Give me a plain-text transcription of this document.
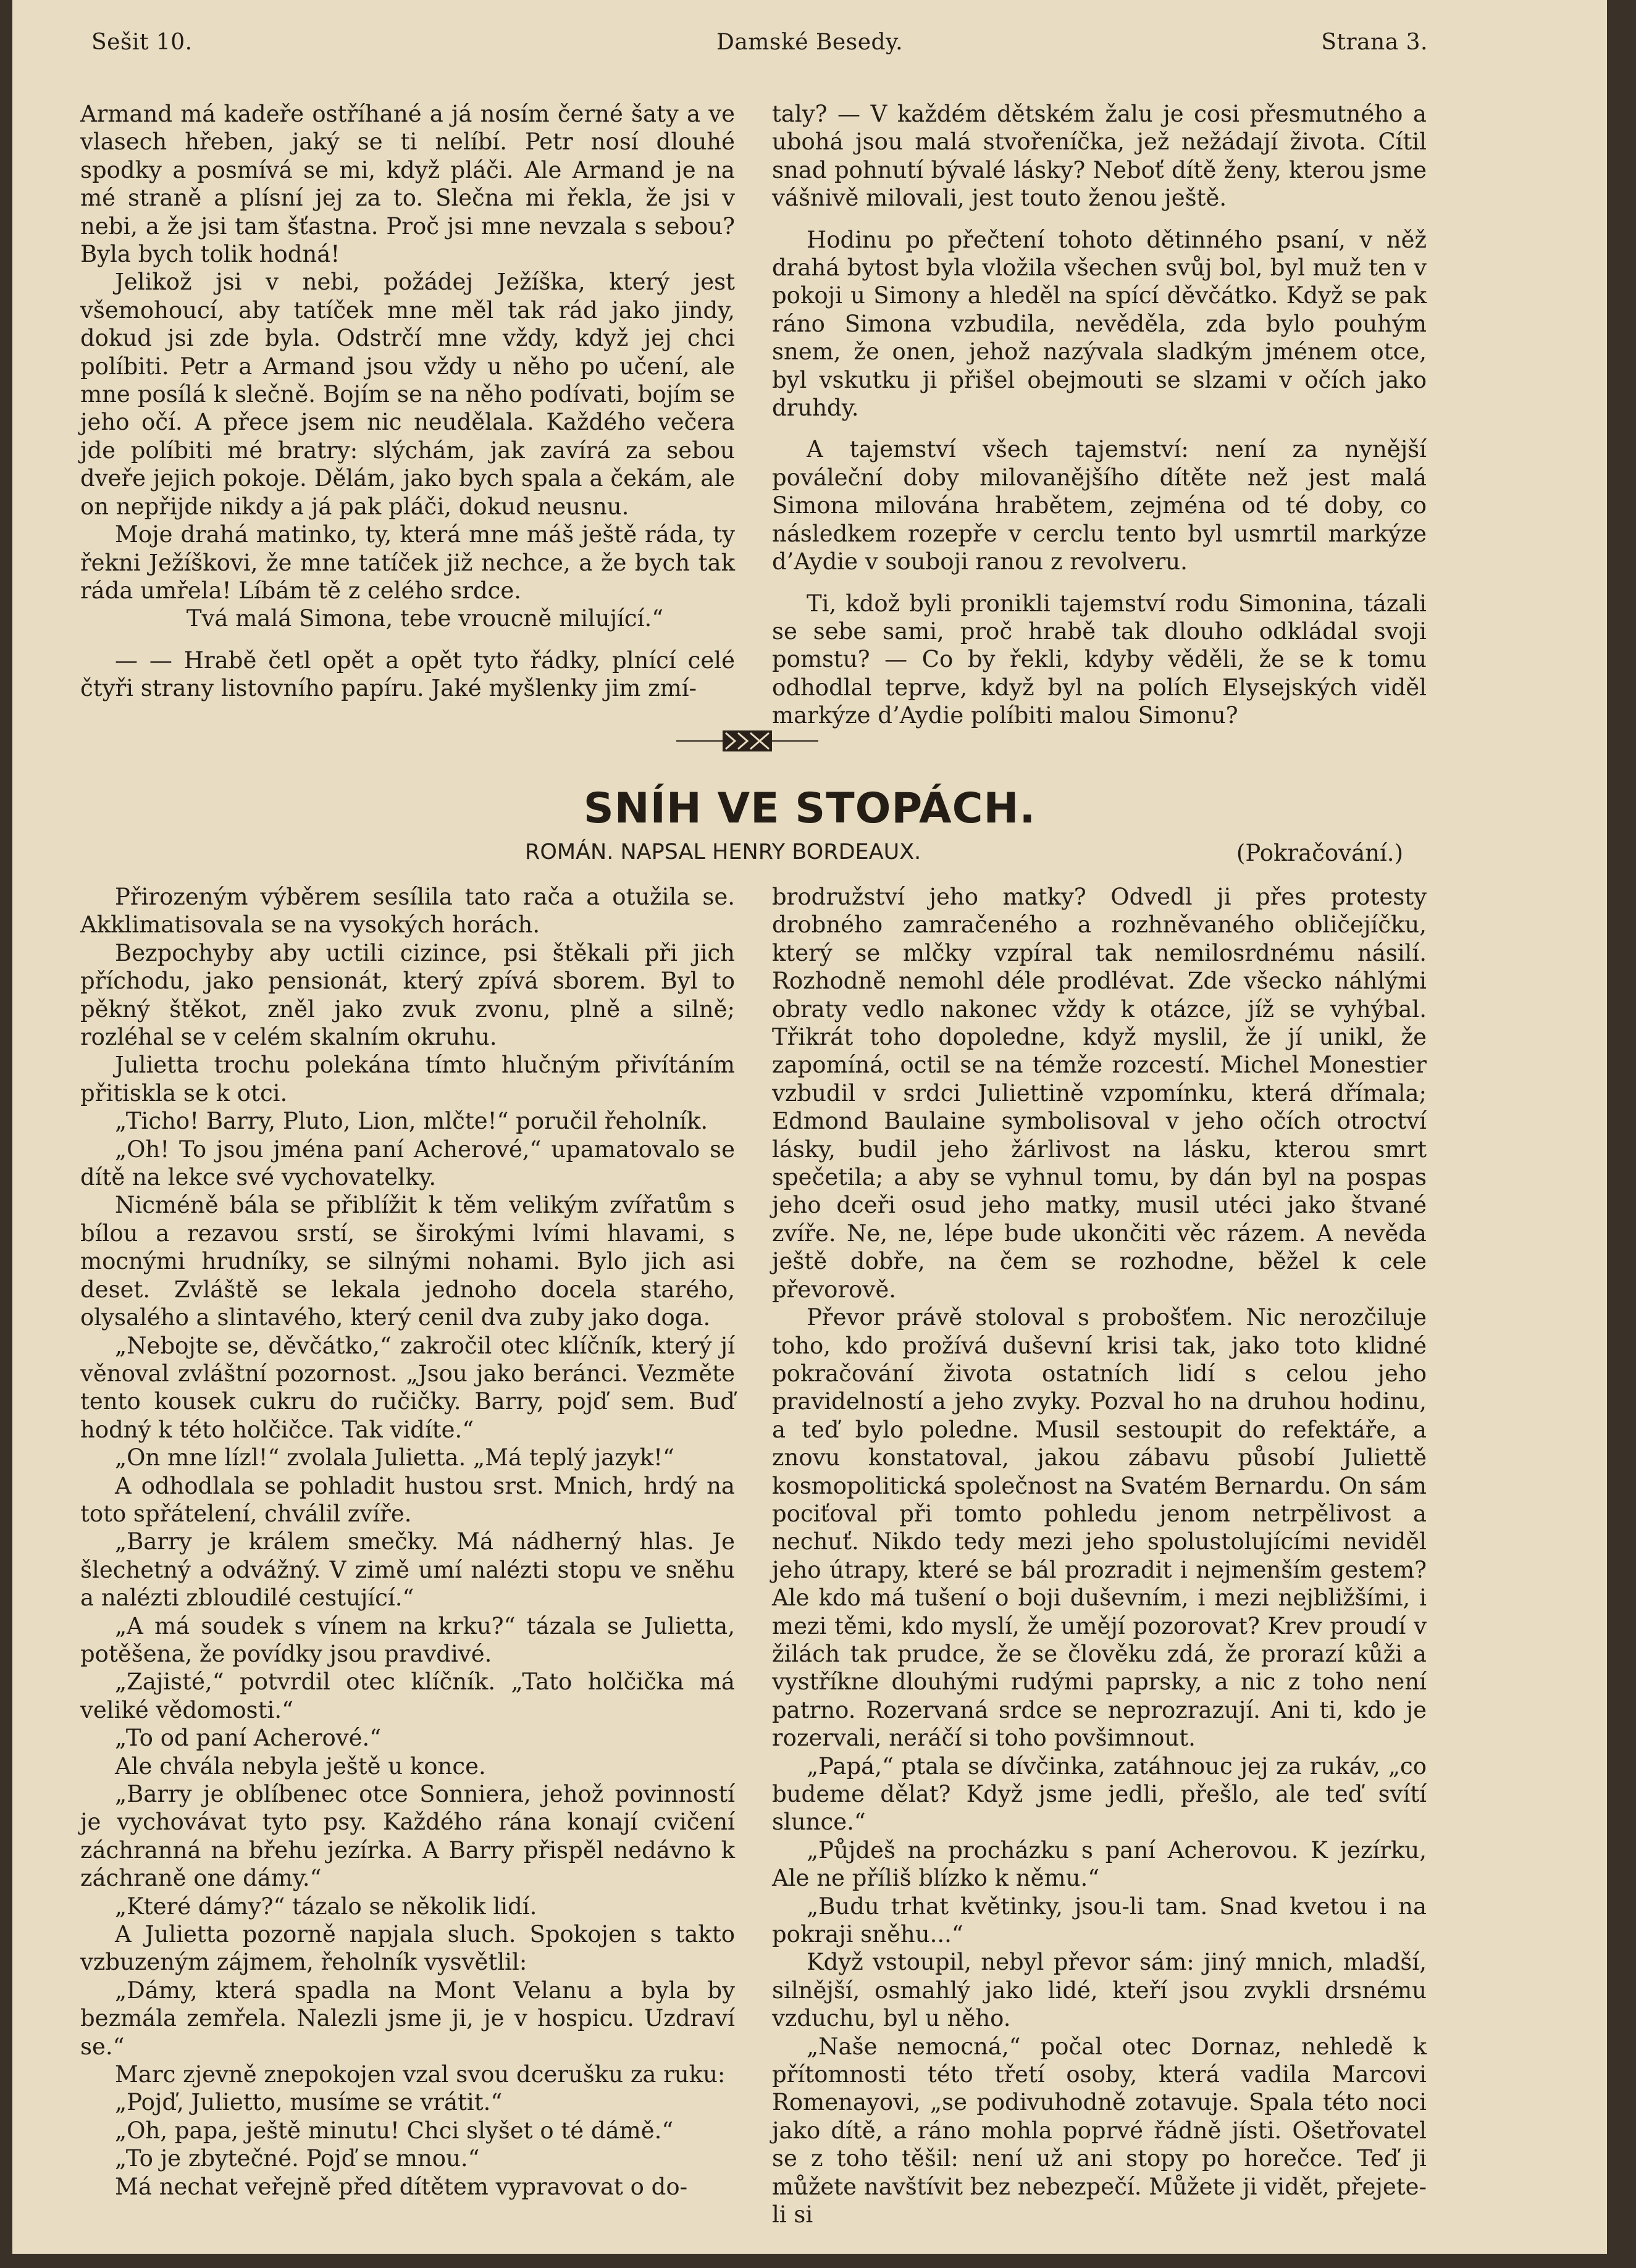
Sešit 10.	Damské Besedy.	Strana 3.

Armand má kadeře ostříhané a já nosím černé šaty a ve vlasech hřeben, jaký se ti nelíbí. Petr nosí dlouhé spodky a posmívá se mi, když pláči. Ale Armand je na mé straně a plísní jej za to. Slečna mi řekla, že jsi v nebi, a že jsi tam šťastna. Proč jsi mne nevzala s sebou? Byla bych tolik hodná!

Jelikož jsi v nebi, požádej Ježíška, který jest všemohoucí, aby tatíček mne měl tak rád jako jindy, dokud jsi zde byla. Odstrčí mne vždy, když jej chci políbiti. Petr a Armand jsou vždy u něho po učení, ale mne posílá k slečně. Bojím se na něho podívati, bojím se jeho očí. A přece jsem nic neudělala. Každého večera jde políbiti mé bratry: slýchám, jak zavírá za sebou dveře jejich pokoje. Dělám, jako bych spala a čekám, ale on nepřijde nikdy a já pak pláči, dokud neusnu.

Moje drahá matinko, ty, která mne máš ještě ráda, ty řekni Ježíškovi, že mne tatíček již nechce, a že bych tak ráda umřela! Líbám tě z celého srdce.

Tvá malá Simona, tebe vroucně milující.“

— — Hrabě četl opět a opět tyto řádky, plnící celé čtyři strany listovního papíru. Jaké myšlenky jim zmí-

taly? — V každém dětském žalu je cosi přesmutného a ubohá jsou malá stvořeníčka, jež nežádají života. Cítil snad pohnutí bývalé lásky? Neboť dítě ženy, kterou jsme vášnivě milovali, jest touto ženou ještě.

Hodinu po přečtení tohoto dětinného psaní, v něž drahá bytost byla vložila všechen svůj bol, byl muž ten v pokoji u Simony a hleděl na spící děvčátko. Když se pak ráno Simona vzbudila, nevěděla, zda bylo pouhým snem, že onen, jehož nazývala sladkým jménem otce, byl vskutku ji přišel obejmouti se slzami v očích jako druhdy.

A tajemství všech tajemství: není za nynější pováleční doby milovanějšího dítěte než jest malá Simona milována hrabětem, zejména od té doby, co následkem rozepře v cerclu tento byl usmrtil markýze d’Aydie v souboji ranou z revolveru.

Ti, kdož byli pronikli tajemství rodu Simonina, tázali se sebe sami, proč hrabě tak dlouho odkládal svoji pomstu? — Co by řekli, kdyby věděli, že se k tomu odhodlal teprve, když byl na polích Elysejských viděl markýze d’Aydie políbiti malou Simonu?

SNÍH VE STOPÁCH.
ROMÁN. NAPSAL HENRY BORDEAUX.	(Pokračování.)

Přirozeným výběrem sesílila tato rača a otužila se. Akklimatisovala se na vysokých horách.

Bezpochyby aby uctili cizince, psi štěkali při jich příchodu, jako pensionát, který zpívá sborem. Byl to pěkný štěkot, zněl jako zvuk zvonu, plně a silně; rozléhal se v celém skalním okruhu.

Julietta trochu polekána tímto hlučným přivítáním přitiskla se k otci.

„Ticho! Barry, Pluto, Lion, mlčte!“ poručil řeholník.

„Oh! To jsou jména paní Acherové,“ upamatovalo se dítě na lekce své vychovatelky.

Nicméně bála se přiblížit k těm velikým zvířatům s bílou a rezavou srstí, se širokými lvími hlavami, s mocnými hrudníky, se silnými nohami. Bylo jich asi deset. Zvláště se lekala jednoho docela starého, olysalého a slintavého, který cenil dva zuby jako doga.

„Nebojte se, děvčátko,“ zakročil otec klíčník, který jí věnoval zvláštní pozornost. „Jsou jako beránci. Vezměte tento kousek cukru do ručičky. Barry, pojď sem. Buď hodný k této holčičce. Tak vidíte.“

„On mne lízl!“ zvolala Julietta. „Má teplý jazyk!“

A odhodlala se pohladit hustou srst. Mnich, hrdý na toto spřátelení, chválil zvíře.

„Barry je králem smečky. Má nádherný hlas. Je šlechetný a odvážný. V zimě umí nalézti stopu ve sněhu a nalézti zbloudilé cestující.“

„A má soudek s vínem na krku?“ tázala se Julietta, potěšena, že povídky jsou pravdivé.

„Zajisté,“ potvrdil otec klíčník. „Tato holčička má veliké vědomosti.“

„To od paní Acherové.“

Ale chvála nebyla ještě u konce.

„Barry je oblíbenec otce Sonniera, jehož povinností je vychovávat tyto psy. Každého rána konají cvičení záchranná na břehu jezírka. A Barry přispěl nedávno k záchraně one dámy.“

„Které dámy?“ tázalo se několik lidí.

A Julietta pozorně napjala sluch. Spokojen s takto vzbuzeným zájmem, řeholník vysvětlil:

„Dámy, která spadla na Mont Velanu a byla by bezmála zemřela. Nalezli jsme ji, je v hospicu. Uzdraví se.“

Marc zjevně znepokojen vzal svou dcerušku za ruku:

„Pojď, Julietto, musíme se vrátit.“

„Oh, papa, ještě minutu! Chci slyšet o té dámě.“

„To je zbytečné. Pojď se mnou.“

Má nechat veřejně před dítětem vypravovat o do-

brodružství jeho matky? Odvedl ji přes protesty drobného zamračeného a rozhněvaného obličejíčku, který se mlčky vzpíral tak nemilosrdnému násilí. Rozhodně nemohl déle prodlévat. Zde všecko náhlými obraty vedlo nakonec vždy k otázce, jíž se vyhýbal. Třikrát toho dopoledne, když myslil, že jí unikl, že zapomíná, octil se na témže rozcestí. Michel Monestier vzbudil v srdci Juliettině vzpomínku, která dřímala; Edmond Baulaine symbolisoval v jeho očích otroctví lásky, budil jeho žárlivost na lásku, kterou smrt spečetila; a aby se vyhnul tomu, by dán byl na pospas jeho dceři osud jeho matky, musil utéci jako štvané zvíře. Ne, ne, lépe bude ukončiti věc rázem. A nevěda ještě dobře, na čem se rozhodne, běžel k cele převorově.

Převor právě stoloval s probošťem. Nic nerozčiluje toho, kdo prožívá duševní krisi tak, jako toto klidné pokračování života ostatních lidí s celou jeho pravidelností a jeho zvyky. Pozval ho na druhou hodinu, a teď bylo poledne. Musil sestoupit do refektáře, a znovu konstatoval, jakou zábavu působí Juliettě kosmopolitická společnost na Svatém Bernardu. On sám pociťoval při tomto pohledu jenom netrpělivost a nechuť. Nikdo tedy mezi jeho spolustolujícími neviděl jeho útrapy, které se bál prozradit i nejmenším gestem? Ale kdo má tušení o boji duševním, i mezi nejbližšími, i mezi těmi, kdo myslí, že umějí pozorovat? Krev proudí v žilách tak prudce, že se člověku zdá, že prorazí kůži a vystříkne dlouhými rudými paprsky, a nic z toho není patrno. Rozervaná srdce se neprozrazují. Ani ti, kdo je rozervali, neráčí si toho povšimnout.

„Papá,“ ptala se dívčinka, zatáhnouc jej za rukáv, „co budeme dělat? Když jsme jedli, přešlo, ale teď svítí slunce.“

„Půjdeš na procházku s paní Acherovou. K jezírku, Ale ne příliš blízko k němu.“

„Budu trhat květinky, jsou-li tam. Snad kvetou i na pokraji sněhu...“

Když vstoupil, nebyl převor sám: jiný mnich, mladší, silnější, osmahlý jako lidé, kteří jsou zvykli drsnému vzduchu, byl u něho.

„Naše nemocná,“ počal otec Dornaz, nehledě k přítomnosti této třetí osoby, která vadila Marcovi Romenayovi, „se podivuhodně zotavuje. Spala této noci jako dítě, a ráno mohla poprvé řádně jísti. Ošetřovatel se z toho těšil: není už ani stopy po horečce. Teď ji můžete navštívit bez nebezpečí. Můžete ji vidět, přejete-li si
